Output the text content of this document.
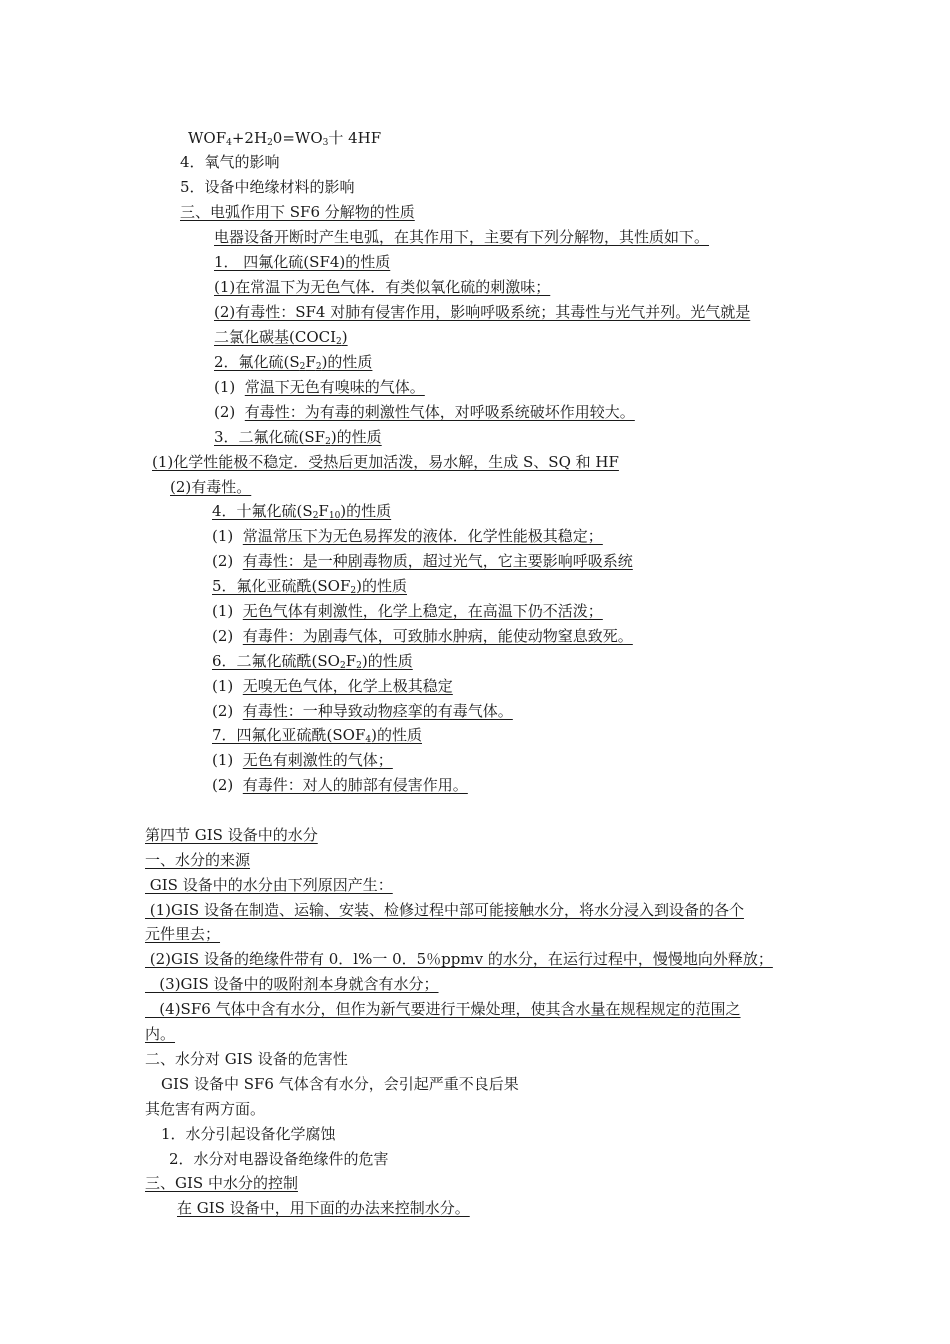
$WOF_4+2H_20=WO_3$十 4HF
4．氧气的影响
5．设备中绝缘材料的影响
三、电弧作用下 SF6 分解物的性质
电器设备开断时产生电弧，在其作用下，主要有下列分解物，其性质如下。
1． 四氟化硫(SF4)的性质
(1)在常温下为无色气体．有类似氧化硫的刺激味；
(2)有毒性：SF4 对肺有侵害作用，影响呼吸系统；其毒性与光气并列。光气就是
二氯化碳基$(COCI_2)$
2．氟化硫$(S_2F_2)$的性质
(1) 常温下无色有嗅味的气体。
(2) 有毒性：为有毒的刺激性气体，对呼吸系统破坏作用较大。
3．二氟化硫$(SF_2)$的性质
(1)化学性能极不稳定．受热后更加活泼，易水解，生成 S、SQ 和 HF
(2)有毒性。
4．十氟化硫$(S_2F_{10})$的性质
(1) 常温常压下为无色易挥发的液体．化学性能极其稳定；
(2) 有毒性：是一种剧毒物质，超过光气，它主要影响呼吸系统
5．氟化亚硫酰$(SOF_2)$的性质
(1) 无色气体有刺激性，化学上稳定，在高温下仍不活泼；
(2) 有毒件：为剧毒气体，可致肺水肿病，能使动物窒息致死。
6．二氟化硫酰$(SO_2F_2)$的性质
(1) 无嗅无色气体，化学上极其稳定
(2) 有毒性：一种导致动物痉挛的有毒气体。
7．四氟化亚硫酰$(SOF_4)$的性质
(1) 无色有刺激性的气体；
(2) 有毒件：对人的肺部有侵害作用。
第四节 GIS 设备中的水分
一、水分的来源
GIS 设备中的水分由下列原因产生：
(1)GIS 设备在制造、运输、安装、检修过程中部可能接触水分，将水分浸入到设备的各个
元件里去；
(2)GIS 设备的绝缘件带有 0．l%一 0．5％ppmv 的水分，在运行过程中，慢慢地向外释放；
(3)GIS 设备中的吸附剂本身就含有水分；
(4)SF6 气体中含有水分，但作为新气要进行干燥处理，使其含水量在规程规定的范围之
内。
二、水分对 GIS 设备的危害性
GIS 设备中 SF6 气体含有水分，会引起严重不良后果
其危害有两方面。
1．水分引起设备化学腐蚀
2．水分对电器设备绝缘件的危害
三、GIS 中水分的控制
在 GIS 设备中，用下面的办法来控制水分。
